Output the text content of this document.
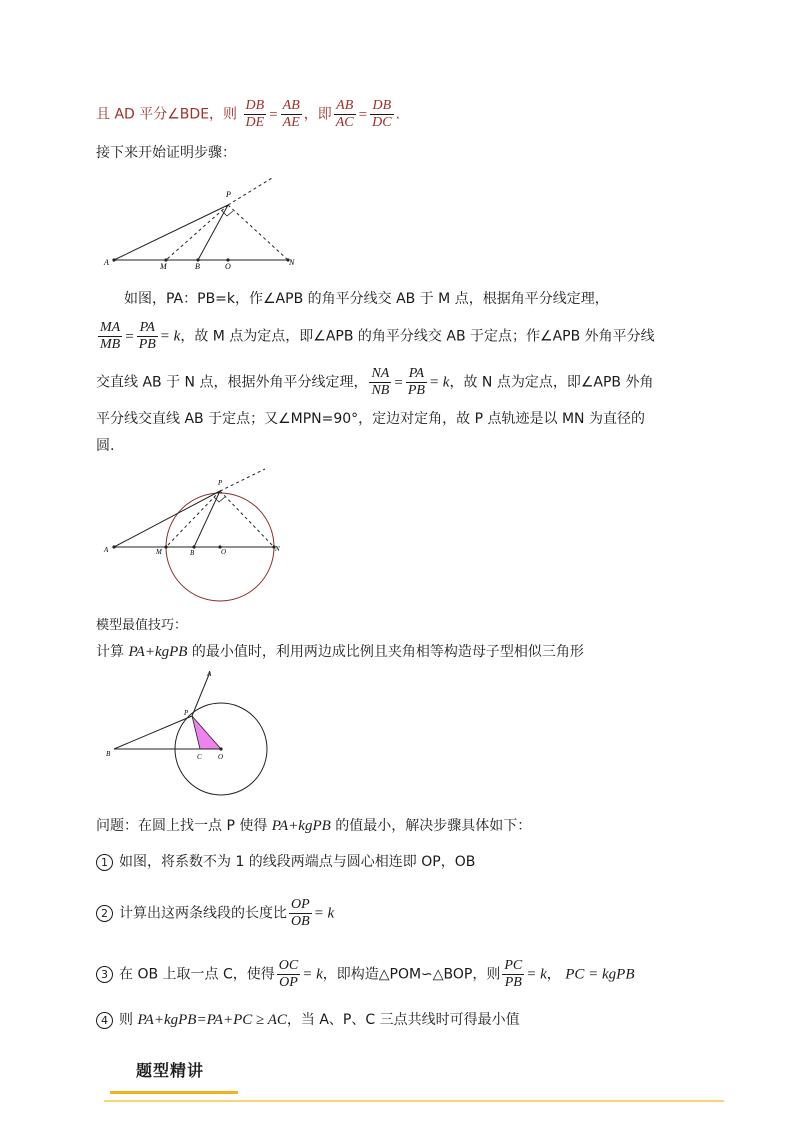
且 AD 平分∠BDE，则 $\frac{DB}{DE} = \frac{AB}{AE}$ ，即 $\frac{AB}{AC} = \frac{DB}{DC}$ .
接下来开始证明步骤：
A	M	B	O	N
P
如图，PA：PB=k，作∠APB 的角平分线交 AB 于 M 点，根据角平分线定理，
$\frac{MA}{MB} = \frac{PA}{PB} = k$，故 M 点为定点，即∠APB 的角平分线交 AB 于定点；作∠APB 外角平分线
交直线 AB 于 N 点，根据外角平分线定理， $\frac{NA}{NB} = \frac{PA}{PB} = k$，故 N 点为定点，即∠APB 外角
平分线交直线 AB 于定点；又∠MPN=90°，定边对定角，故 P 点轨迹是以 MN 为直径的
圆.
A	M	B	O	N
P
模型最值技巧：
计算 PA+kgPB 的最小值时，利用两边成比例且夹角相等构造母子型相似三角形
A
P
B	C O
问题：在圆上找一点 P 使得 PA+kgPB 的值最小，解决步骤具体如下：
1 如图，将系数不为 1 的线段两端点与圆心相连即 OP，OB
2 计算出这两条线段的长度比 $\frac{OP}{OB} = k$
3 在 OB 上取一点 C，使得 $\frac{OC}{OP} = k$，即构造△POM∽△BOP，则 $\frac{PC}{PB} = k$， PC = kgPB
4 则 PA+kgPB=PA+PC ≥ AC，当 A、P、C 三点共线时可得最小值
题型精讲
